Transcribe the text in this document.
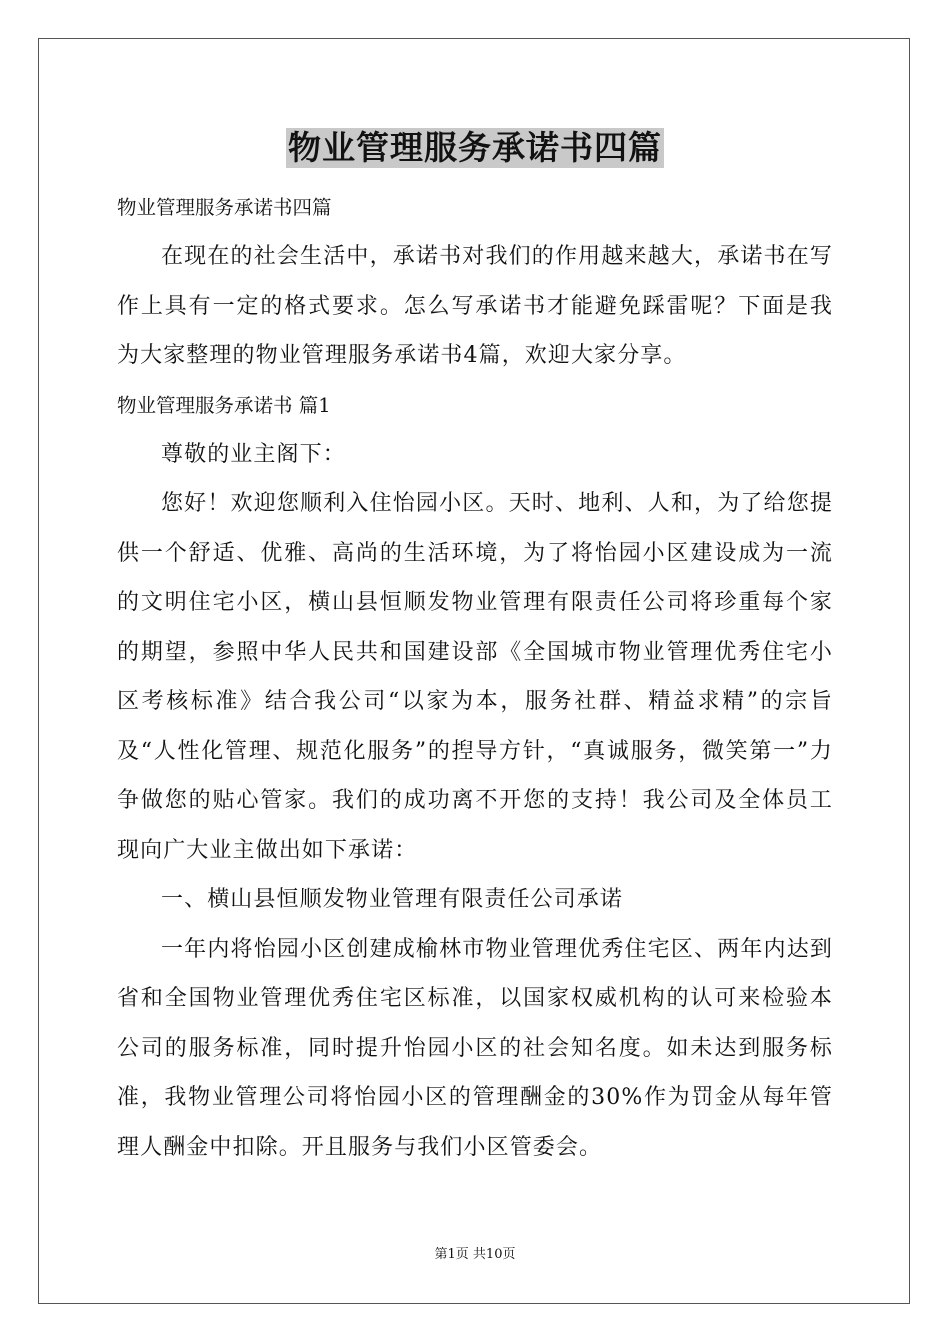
物业管理服务承诺书四篇
物业管理服务承诺书四篇

在现在的社会生活中，承诺书对我们的作用越来越大，承诺书在写作上具有一定的格式要求。怎么写承诺书才能避免踩雷呢？下面是我为大家整理的物业管理服务承诺书4篇，欢迎大家分享。

物业管理服务承诺书 篇1

尊敬的业主阁下：

您好！欢迎您顺利入住怡园小区。天时、地利、人和，为了给您提供一个舒适、优雅、高尚的生活环境，为了将怡园小区建设成为一流的文明住宅小区，横山县恒顺发物业管理有限责任公司将珍重每个家的期望，参照中华人民共和国建设部《全国城市物业管理优秀住宅小区考核标准》结合我公司“以家为本，服务社群、精益求精”的宗旨及“人性化管理、规范化服务”的揑导方针，“真诚服务，微笑第一”力争做您的贴心管家。我们的成功离不开您的支持！我公司及全体员工现向广大业主做出如下承诺：

一、横山县恒顺发物业管理有限责任公司承诺

一年内将怡园小区创建成榆林市物业管理优秀住宅区、两年内达到省和全国物业管理优秀住宅区标准，以国家权威机构的认可来检验本公司的服务标准，同时提升怡园小区的社会知名度。如未达到服务标准，我物业管理公司将怡园小区的管理酬金的30%作为罚金从每年管理人酬金中扣除。开且服务与我们小区管委会。

第1页 共10页
